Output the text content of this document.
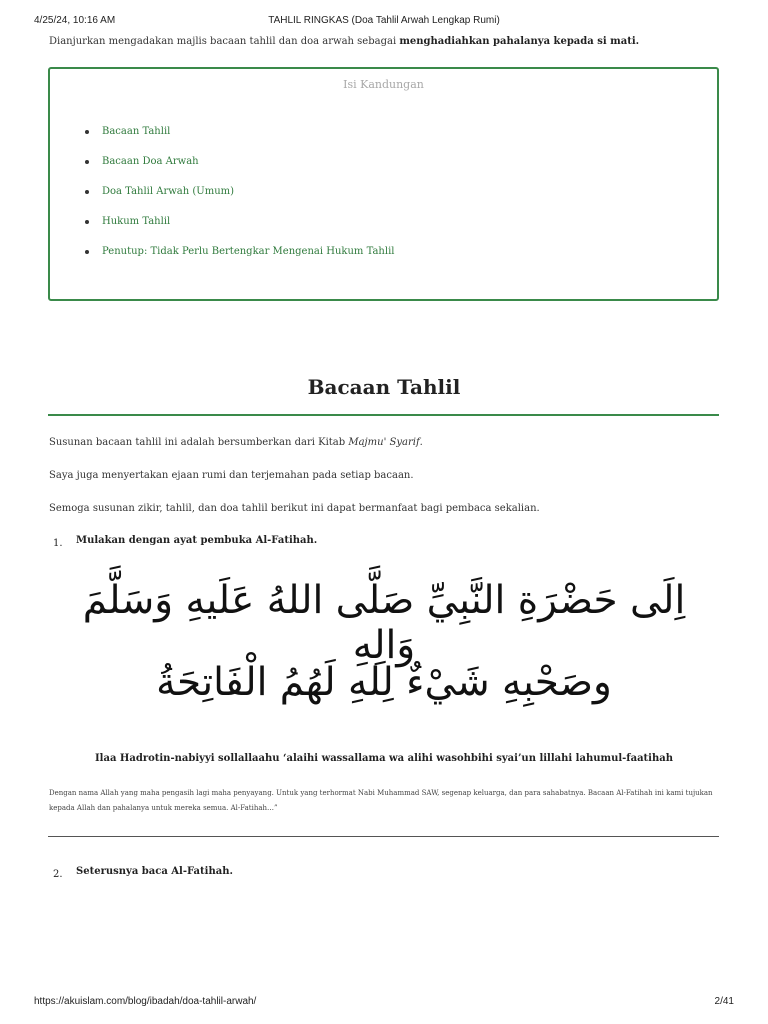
4/25/24, 10:16 AM	TAHLIL RINGKAS (Doa Tahlil Arwah Lengkap Rumi)
Dianjurkan mengadakan majlis bacaan tahlil dan doa arwah sebagai menghadiahkan pahalanya kepada si mati.
Isi Kandungan
Bacaan Tahlil
Bacaan Doa Arwah
Doa Tahlil Arwah (Umum)
Hukum Tahlil
Penutup: Tidak Perlu Bertengkar Mengenai Hukum Tahlil
Bacaan Tahlil
Susunan bacaan tahlil ini adalah bersumberkan dari Kitab Majmu' Syarif.
Saya juga menyertakan ejaan rumi dan terjemahan pada setiap bacaan.
Semoga susunan zikir, tahlil, dan doa tahlil berikut ini dapat bermanfaat bagi pembaca sekalian.
1. Mulakan dengan ayat pembuka Al-Fatihah.
اِلَى حَضْرَةِ النَّبِيِّ صَلَّى اللهُ عَلَيهِ وَسَلَّمَ وَالِهِ
وصَحْبِهِ شَيْءٌ لِلهِ لَهُمُ الْفَاتِحَةُ
Ilaa Hadrotin-nabiyyi sollallaahu ‘alaihi wassallama wa alihi wasohbihi syai’un lillahi lahumul-faatihah
Dengan nama Allah yang maha pengasih lagi maha penyayang. Untuk yang terhormat Nabi Muhammad SAW, segenap keluarga, dan para sahabatnya. Bacaan Al-Fatihah ini kami tujukan kepada Allah dan pahalanya untuk mereka semua. Al-Fatihah…”
2. Seterusnya baca Al-Fatihah.
https://akuislam.com/blog/ibadah/doa-tahlil-arwah/	2/41
